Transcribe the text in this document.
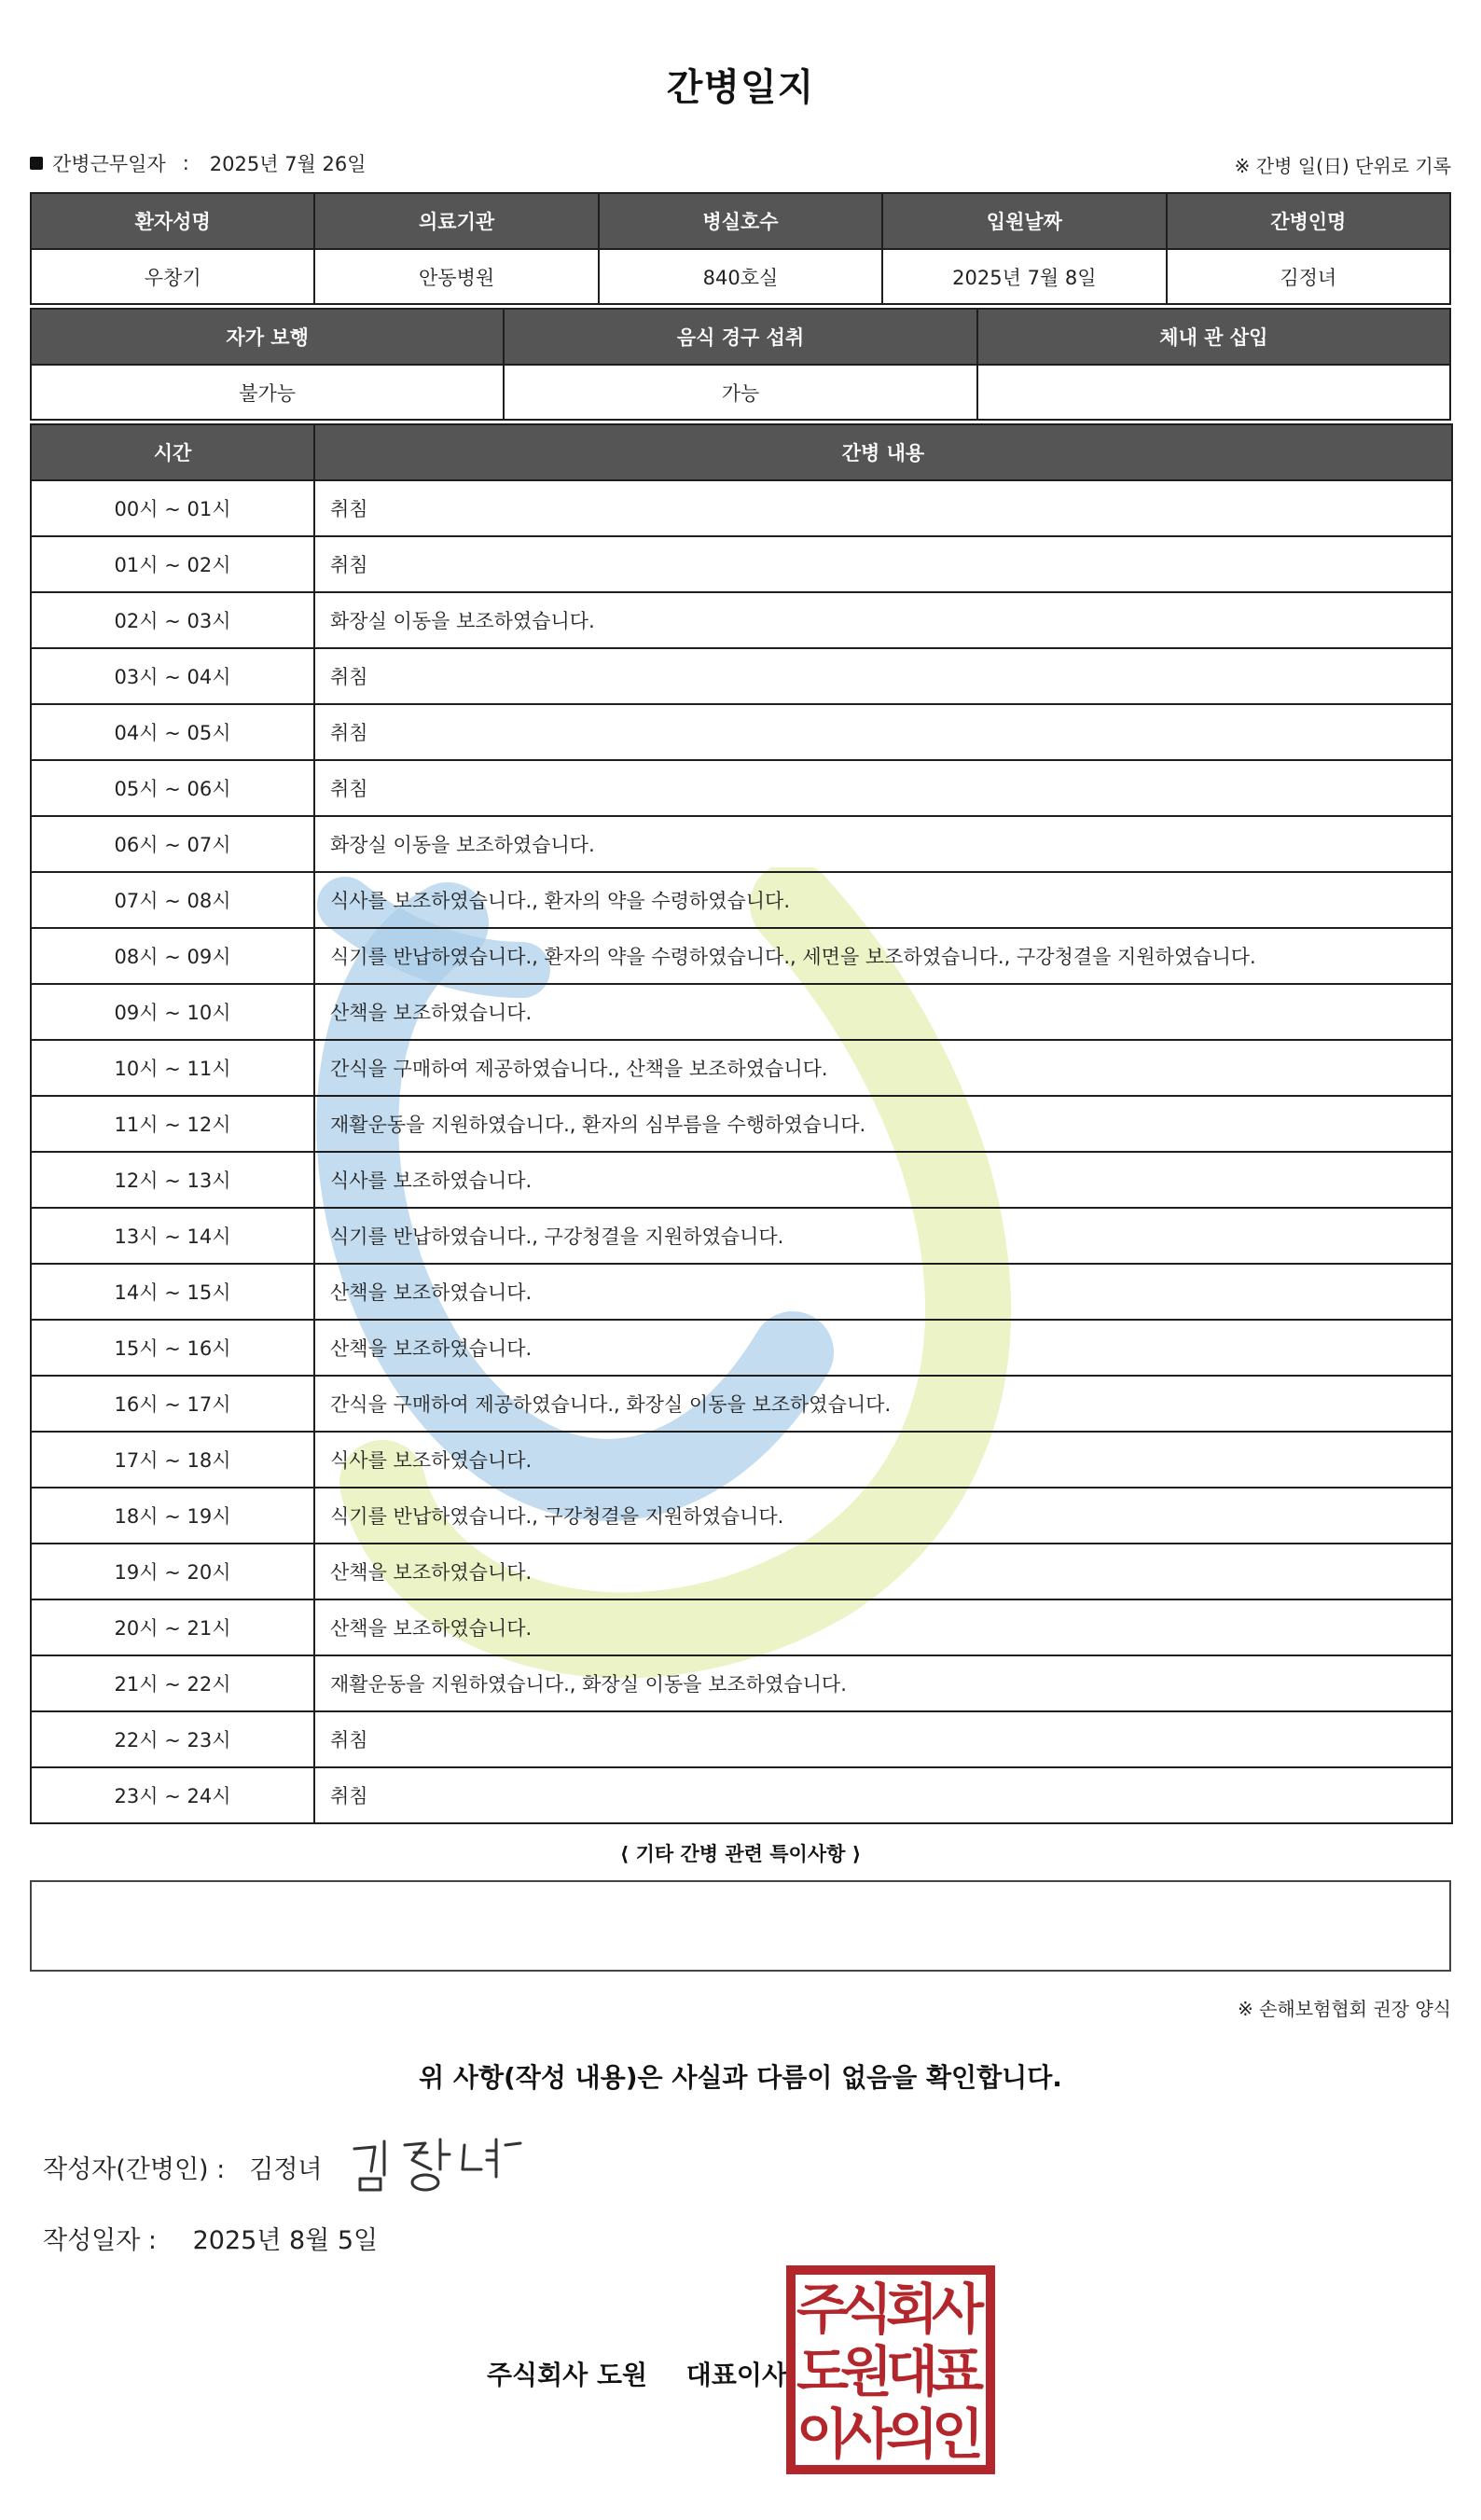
간병일지
간병근무일자 : 2025년 7월 26일	※ 간병 일(日) 단위로 기록
환자성명	의료기관	병실호수	입원날짜	간병인명
우창기	안동병원	840호실	2025년 7월 8일	김정녀
자가 보행	음식 경구 섭취	체내 관 삽입
불가능	가능	
시간	간병 내용
00시 ~ 01시	취침
01시 ~ 02시	취침
02시 ~ 03시	화장실 이동을 보조하였습니다.
03시 ~ 04시	취침
04시 ~ 05시	취침
05시 ~ 06시	취침
06시 ~ 07시	화장실 이동을 보조하였습니다.
07시 ~ 08시	식사를 보조하였습니다., 환자의 약을 수령하였습니다.
08시 ~ 09시	식기를 반납하였습니다., 환자의 약을 수령하였습니다., 세면을 보조하였습니다., 구강청결을 지원하였습니다.
09시 ~ 10시	산책을 보조하였습니다.
10시 ~ 11시	간식을 구매하여 제공하였습니다., 산책을 보조하였습니다.
11시 ~ 12시	재활운동을 지원하였습니다., 환자의 심부름을 수행하였습니다.
12시 ~ 13시	식사를 보조하였습니다.
13시 ~ 14시	식기를 반납하였습니다., 구강청결을 지원하였습니다.
14시 ~ 15시	산책을 보조하였습니다.
15시 ~ 16시	산책을 보조하였습니다.
16시 ~ 17시	간식을 구매하여 제공하였습니다., 화장실 이동을 보조하였습니다.
17시 ~ 18시	식사를 보조하였습니다.
18시 ~ 19시	식기를 반납하였습니다., 구강청결을 지원하였습니다.
19시 ~ 20시	산책을 보조하였습니다.
20시 ~ 21시	산책을 보조하였습니다.
21시 ~ 22시	재활운동을 지원하였습니다., 화장실 이동을 보조하였습니다.
22시 ~ 23시	취침
23시 ~ 24시	취침
⟨ 기타 간병 관련 특이사항 ⟩
※ 손해보험협회 권장 양식
위 사항(작성 내용)은 사실과 다름이 없음을 확인합니다.
작성자(간병인) : 김정녀
작성일자 : 2025년 8월 5일
주식회사 도원 대표이사
주
식
회
사
도
원
대
표
이
사
의
인
